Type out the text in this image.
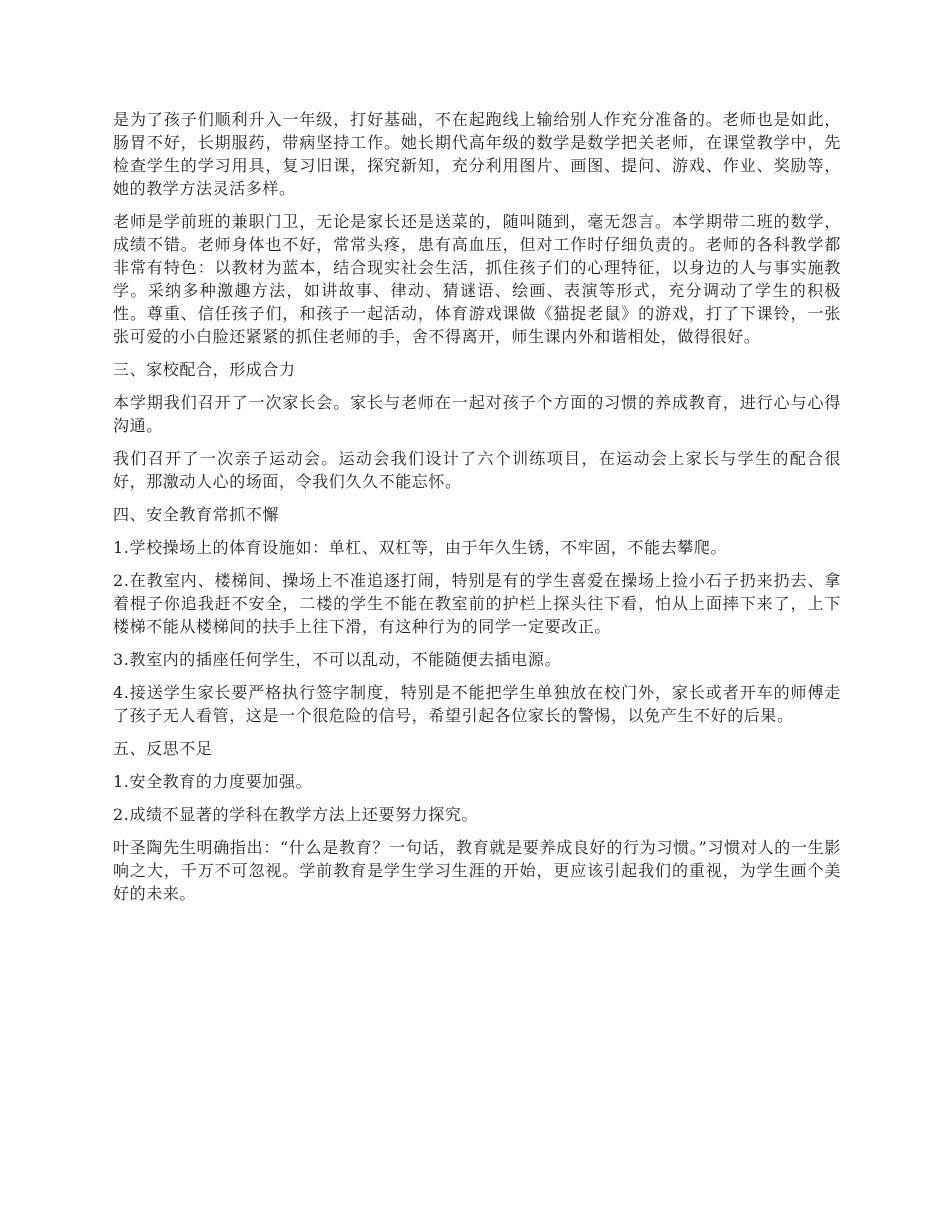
是为了孩子们顺利升入一年级，打好基础，不在起跑线上输给别人作充分准备的。老师也是如此，肠胃不好，长期服药，带病坚持工作。她长期代高年级的数学是数学把关老师，在课堂教学中，先检查学生的学习用具，复习旧课，探究新知，充分利用图片、画图、提问、游戏、作业、奖励等，她的教学方法灵活多样。

老师是学前班的兼职门卫，无论是家长还是送菜的，随叫随到，毫无怨言。本学期带二班的数学，成绩不错。老师身体也不好，常常头疼，患有高血压，但对工作时仔细负责的。老师的各科教学都非常有特色：以教材为蓝本，结合现实社会生活，抓住孩子们的心理特征，以身边的人与事实施教学。采纳多种激趣方法，如讲故事、律动、猜谜语、绘画、表演等形式，充分调动了学生的积极性。尊重、信任孩子们，和孩子一起活动，体育游戏课做《猫捉老鼠》的游戏，打了下课铃，一张张可爱的小白脸还紧紧的抓住老师的手，舍不得离开，师生课内外和谐相处，做得很好。

三、家校配合，形成合力

本学期我们召开了一次家长会。家长与老师在一起对孩子个方面的习惯的养成教育，进行心与心得沟通。

我们召开了一次亲子运动会。运动会我们设计了六个训练项目，在运动会上家长与学生的配合很好，那激动人心的场面，令我们久久不能忘怀。

四、安全教育常抓不懈

1.学校操场上的体育设施如：单杠、双杠等，由于年久生锈，不牢固，不能去攀爬。

2.在教室内、楼梯间、操场上不准追逐打闹，特别是有的学生喜爱在操场上捡小石子扔来扔去、拿着棍子你追我赶不安全，二楼的学生不能在教室前的护栏上探头往下看，怕从上面摔下来了，上下楼梯不能从楼梯间的扶手上往下滑，有这种行为的同学一定要改正。

3.教室内的插座任何学生，不可以乱动，不能随便去插电源。

4.接送学生家长要严格执行签字制度，特别是不能把学生单独放在校门外，家长或者开车的师傅走了孩子无人看管，这是一个很危险的信号，希望引起各位家长的警惕，以免产生不好的后果。

五、反思不足

1.安全教育的力度要加强。

2.成绩不显著的学科在教学方法上还要努力探究。

叶圣陶先生明确指出：“什么是教育？一句话，教育就是要养成良好的行为习惯。”习惯对人的一生影响之大，千万不可忽视。学前教育是学生学习生涯的开始，更应该引起我们的重视，为学生画个美好的未来。
